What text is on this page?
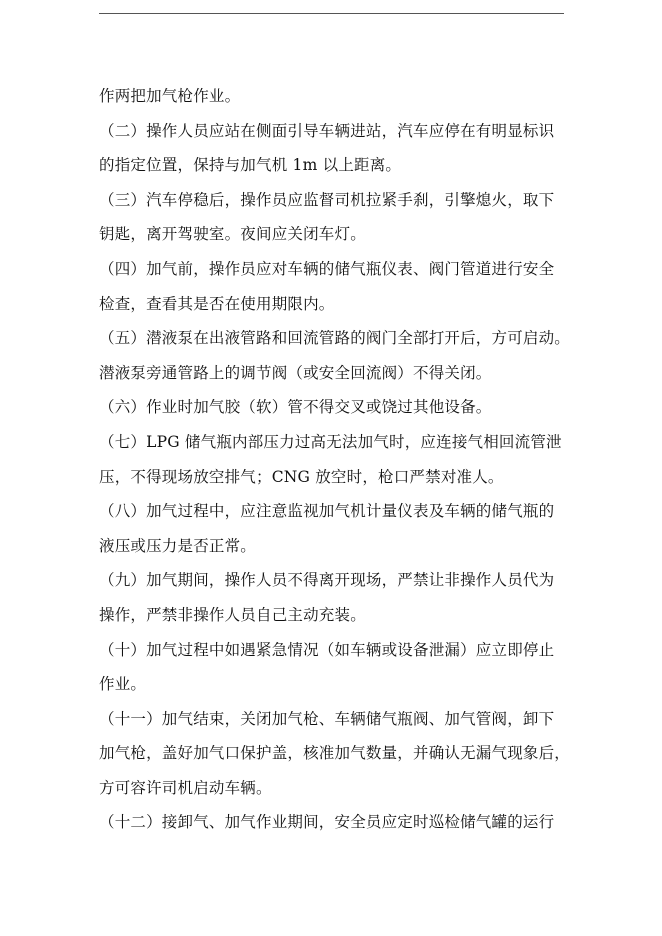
作两把加气枪作业。
（二）操作人员应站在侧面引导车辆进站，汽车应停在有明显标识
的指定位置，保持与加气机 1m 以上距离。
（三）汽车停稳后，操作员应监督司机拉紧手刹，引擎熄火，取下
钥匙，离开驾驶室。夜间应关闭车灯。
（四）加气前，操作员应对车辆的储气瓶仪表、阀门管道进行安全
检查，查看其是否在使用期限内。
（五）潜液泵在出液管路和回流管路的阀门全部打开后，方可启动。
潜液泵旁通管路上的调节阀（或安全回流阀）不得关闭。
（六）作业时加气胶（软）管不得交叉或饶过其他设备。
（七）LPG 储气瓶内部压力过高无法加气时，应连接气相回流管泄
压，不得现场放空排气；CNG 放空时，枪口严禁对准人。
（八）加气过程中，应注意监视加气机计量仪表及车辆的储气瓶的
液压或压力是否正常。
（九）加气期间，操作人员不得离开现场，严禁让非操作人员代为
操作，严禁非操作人员自己主动充装。
（十）加气过程中如遇紧急情况（如车辆或设备泄漏）应立即停止
作业。
（十一）加气结束，关闭加气枪、车辆储气瓶阀、加气管阀，卸下
加气枪，盖好加气口保护盖，核准加气数量，并确认无漏气现象后，
方可容许司机启动车辆。
（十二）接卸气、加气作业期间，安全员应定时巡检储气罐的运行
